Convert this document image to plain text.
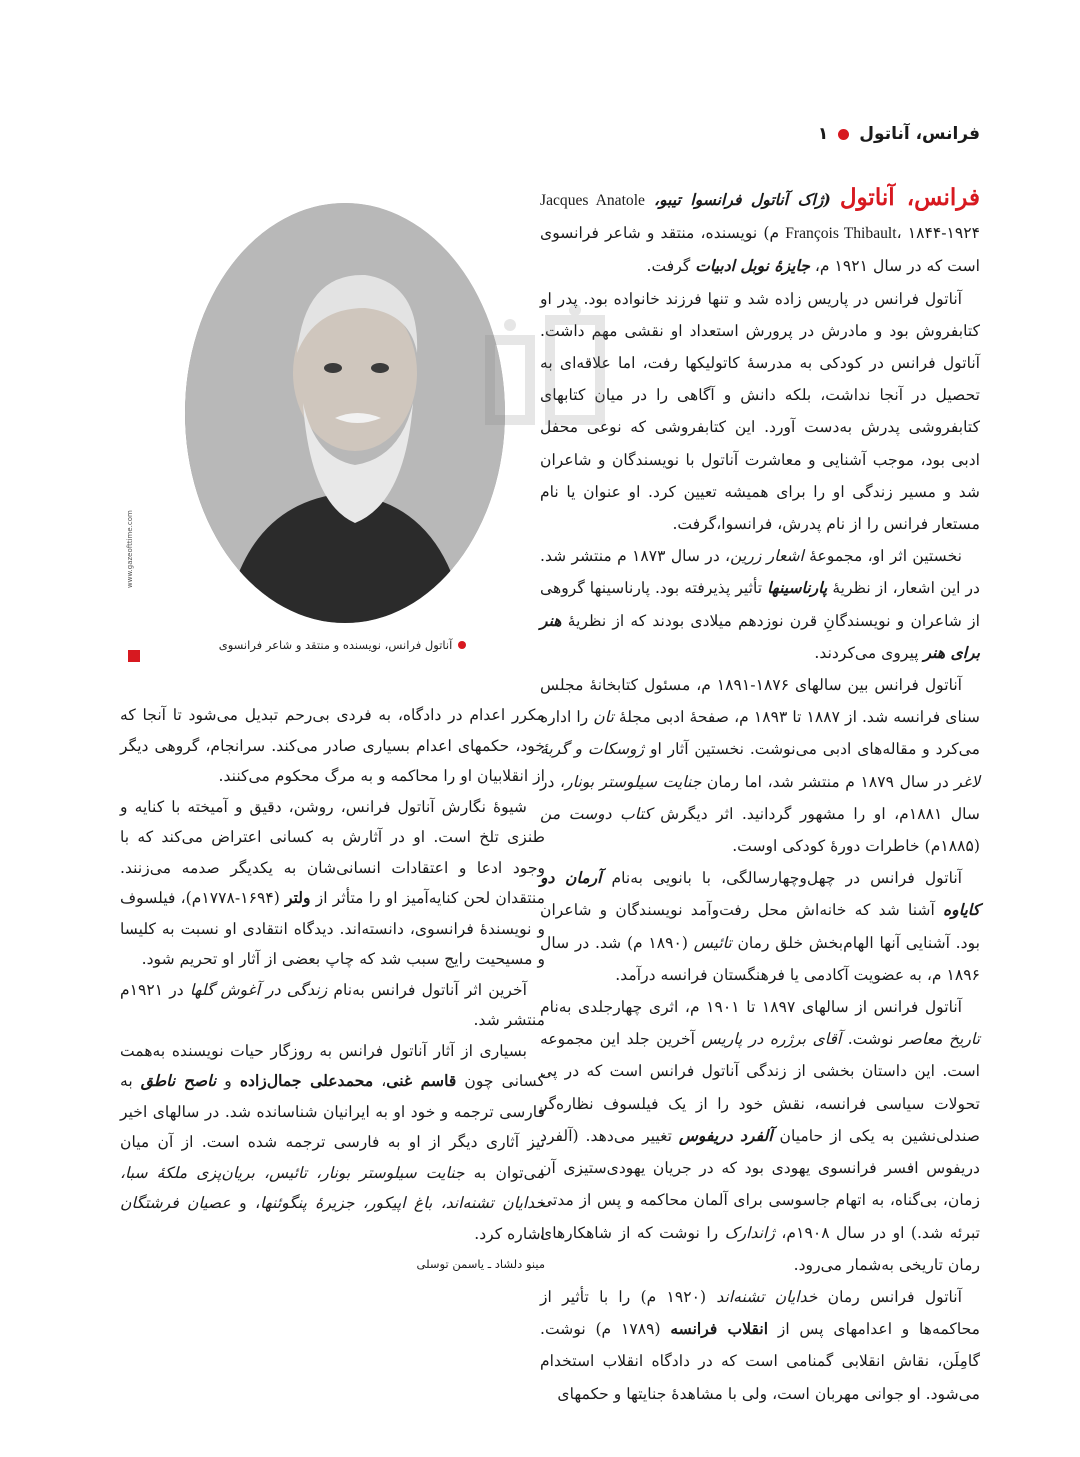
فرانس، آناتول
۱

فرانس، آناتول (ژاک آناتول فرانسوا تیبو، Jacques Anatole François Thibault، ۱۸۴۴-۱۹۲۴ م) نویسنده، منتقد و شاعر فرانسوی است که در سال ۱۹۲۱ م، جایزهٔ نوبل ادبیات گرفت.

آناتول فرانس در پاریس زاده شد و تنها فرزند خانواده بود. پدر او کتابفروش بود و مادرش در پرورش استعداد او نقشی مهم داشت. آناتول فرانس در کودکی به مدرسهٔ کاتولیکها رفت، اما علاقه‌ای به تحصیل در آنجا نداشت، بلکه دانش و آگاهی را در میان کتابهای کتابفروشی پدرش به‌دست آورد. این کتابفروشی که نوعی محفل ادبی بود، موجب آشنایی و معاشرت آناتول با نویسندگان و شاعران شد و مسیر زندگی او را برای همیشه تعیین کرد. او عنوان یا نام مستعار فرانس را از نام پدرش، فرانسوا،گرفت.

نخستین اثر او، مجموعهٔ اشعار زرین، در سال ۱۸۷۳ م منتشر شد. در این اشعار، از نظریهٔ پارناسینها تأثیر پذیرفته بود. پارناسینها گروهی از شاعران و نویسندگانِ قرن نوزدهم میلادی بودند که از نظریهٔ هنر برای هنر پیروی می‌کردند.

آناتول فرانس بین سالهای ۱۸۷۶-۱۸۹۱ م، مسئول کتابخانهٔ مجلس سنای فرانسه شد. از ۱۸۸۷ تا ۱۸۹۳ م، صفحهٔ ادبی مجلهٔ تان را اداره می‌کرد و مقاله‌های ادبی می‌نوشت. نخستین آثار او ژوسکات و گربهٔ لاغر در سال ۱۸۷۹ م منتشر شد، اما رمان جنایت سیلوستر بونار، در سال ۱۸۸۱م، او را مشهور گردانید. اثر دیگرش کتاب دوست من (۱۸۸۵م) خاطرات دورهٔ کودکی اوست.

آناتول فرانس در چهل‌وچهارسالگی، با بانویی به‌نام آرمان دو کایاوه آشنا شد که خانه‌اش محل رفت‌وآمد نویسندگان و شاعران بود. آشنایی آنها الهام‌بخش خلق رمان تائیس (۱۸۹۰ م) شد. در سال ۱۸۹۶ م، به عضویت آکادمی یا فرهنگستان فرانسه درآمد.

آناتول فرانس از سالهای ۱۸۹۷ تا ۱۹۰۱ م، اثری چهارجلدی به‌نام تاریخ معاصر نوشت. آقای برژره در پاریس آخرین جلد این مجموعه است. این داستان بخشی از زندگی آناتول فرانس است که در پی تحولات سیاسی فرانسه، نقش خود را از یک فیلسوف نظاره‌گر صندلی‌نشین به یکی از حامیان آلفرد دریفوس تغییر می‌دهد. (آلفرد دریفوس افسر فرانسوی یهودی بود که در جریان یهودی‌ستیزی آن زمان، بی‌گناه، به اتهام جاسوسی برای آلمان محاکمه و پس از مدتی تبرئه شد.) او در سال ۱۹۰۸م، ژاندارک را نوشت که از شاهکارهای رمان تاریخی به‌شمار می‌رود.

آناتول فرانس رمان خدایان تشنه‌اند (۱۹۲۰ م) را با تأثیر از محاکمه‌ها و اعدامهای پس از انقلاب فرانسه (۱۷۸۹ م) نوشت. گامِلَن، نقاش انقلابی گمنامی است که در دادگاه انقلاب استخدام می‌شود. او جوانی مهربان است، ولی با مشاهدهٔ جنایتها و حکمهای

www.gazeofttime.com
آناتول فرانس، نویسنده و منتقد و شاعر فرانسوی

مکرر اعدام در دادگاه، به فردی بی‌رحم تبدیل می‌شود تا آنجا که خود، حکمهای اعدام بسیاری صادر می‌کند. سرانجام، گروهی دیگر از انقلابیان او را محاکمه و به مرگ محکوم می‌کنند.

شیوهٔ نگارش آناتول فرانس، روشن، دقیق و آمیخته با کنایه و طنزی تلخ است. او در آثارش به کسانی اعتراض می‌کند که با وجود ادعا و اعتقادات انسانی‌شان به یکدیگر صدمه می‌زنند. منتقدان لحن کنایه‌آمیز او را متأثر از ولتر (۱۶۹۴-۱۷۷۸م)، فیلسوف و نویسندهٔ فرانسوی، دانسته‌اند. دیدگاه انتقادی او نسبت به کلیسا و مسیحیت رایج سبب شد که چاپ بعضی از آثار او تحریم شود.

آخرین اثر آناتول فرانس به‌نام زندگی در آغوش گلها در ۱۹۲۱م منتشر شد.

بسیاری از آثار آناتول فرانس به روزگار حیات نویسنده به‌همت کسانی چون قاسم غنی، محمدعلی جمال‌زاده و ناصح ناطق به فارسی ترجمه و خود او به ایرانیان شناسانده شد. در سالهای اخیر نیز آثاری دیگر از او به فارسی ترجمه شده است. از آن میان می‌توان به جنایت سیلوستر بونار، تائیس، بریان‌پزی ملکهٔ سبا، خدایان تشنه‌اند، باغ اپیکور، جزیرهٔ پنگوئنها، و عصیان فرشتگان اشاره کرد.

مینو دلشاد ـ یاسمن توسلی
